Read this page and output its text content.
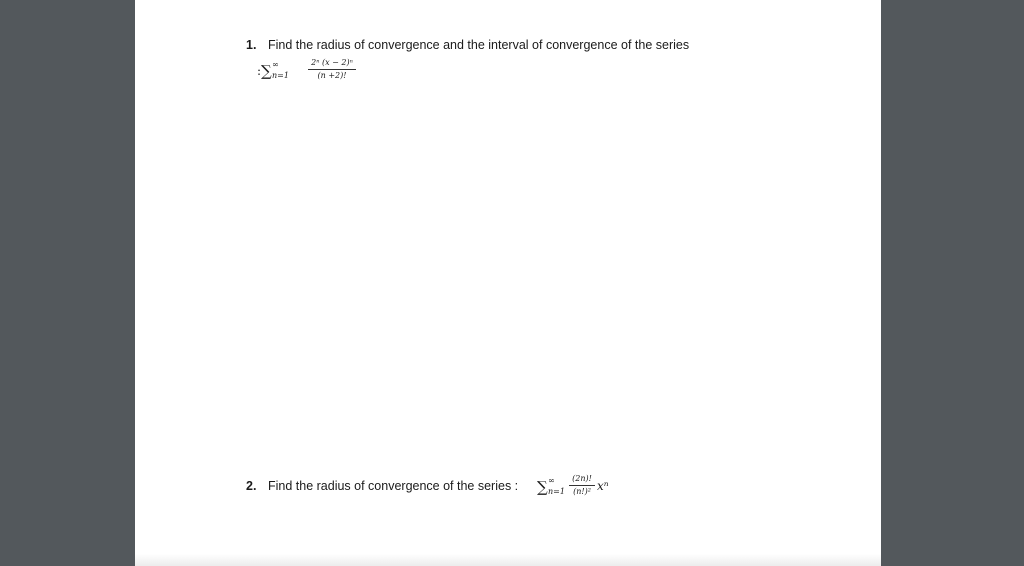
1. Find the radius of convergence and the interval of convergence of the series
: ∑ ∞
n=1
2ⁿ (x − 2)ⁿ
(n +2)!
2. Find the radius of convergence of the series : ∑ ∞
n=1
(2n)!
(n!)² xⁿ
